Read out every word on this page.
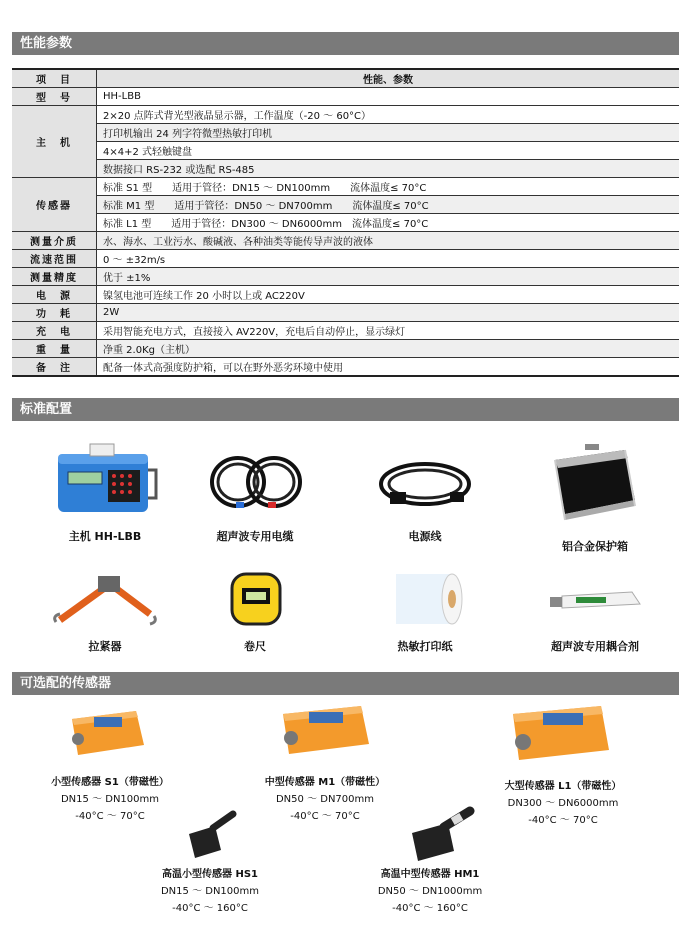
性能参数
标准配置
可选配的传感器
项　目	性能、参数
型　号	HH-LBB
主　机	2×20 点阵式背光型液晶显示器，工作温度（-20 ～ 60°C）
	打印机输出 24 列字符微型热敏打印机
	4×4+2 式轻触键盘
	数据接口 RS-232 或选配 RS-485
传感器	标准 S1 型　　适用于管径：DN15 ～ DN100mm　　流体温度≤ 70°C
	标准 M1 型　　适用于管径：DN50 ～ DN700mm　　流体温度≤ 70°C
	标准 L1 型　　适用于管径：DN300 ～ DN6000mm　流体温度≤ 70°C
测量介质	水、海水、工业污水、酸碱液、各种油类等能传导声波的液体
流速范围	0 ～ ±32m/s
测量精度	优于 ±1%
电　源	镍氢电池可连续工作 20 小时以上或 AC220V
功　耗	2W
充　电	采用智能充电方式，直接接入 AV220V，充电后自动停止，显示绿灯
重　量	净重 2.0Kg（主机）
备　注	配备一体式高强度防护箱，可以在野外恶劣环境中使用
主机 HH-LBB	超声波专用电缆	电源线
铝合金保护箱
拉紧器	卷尺	热敏打印纸	超声波专用耦合剂
小型传感器 S1（带磁性）
DN15 ～ DN100mm
-40°C ～ 70°C
中型传感器 M1（带磁性）
DN50 ～ DN700mm
-40°C ～ 70°C
大型传感器 L1（带磁性）
DN300 ～ DN6000mm
-40°C ～ 70°C
高温小型传感器 HS1
DN15 ～ DN100mm
-40°C ～ 160°C
高温中型传感器 HM1
DN50 ～ DN1000mm
-40°C ～ 160°C
